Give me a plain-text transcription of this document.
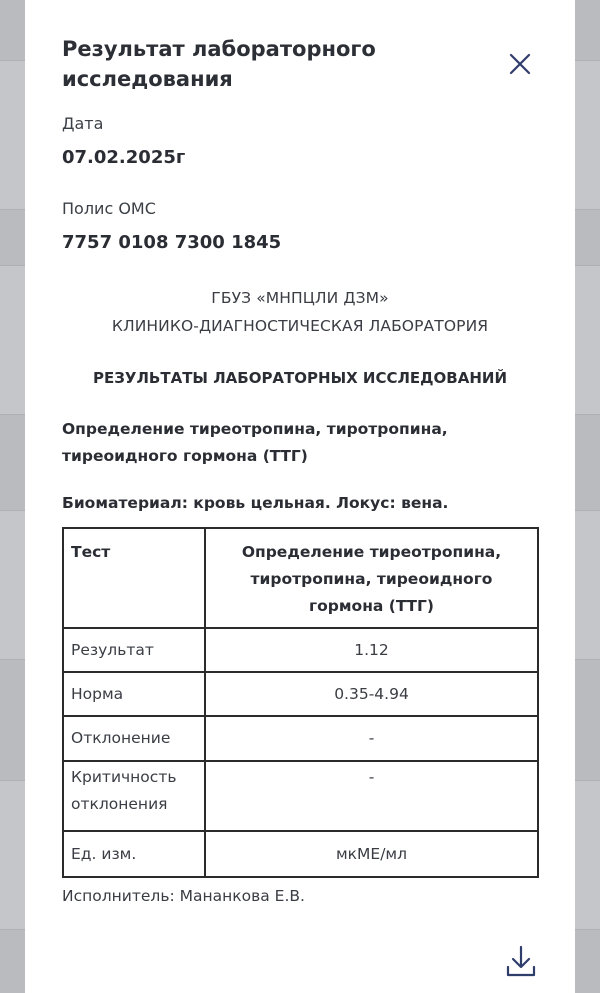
Результат лабораторного исследования
Дата
07.02.2025г
Полис ОМС
7757 0108 7300 1845
ГБУЗ «МНПЦЛИ ДЗМ»
КЛИНИКО-ДИАГНОСТИЧЕСКАЯ ЛАБОРАТОРИЯ
РЕЗУЛЬТАТЫ ЛАБОРАТОРНЫХ ИССЛЕДОВАНИЙ
Определение тиреотропина, тиротропина, тиреоидного гормона (ТТГ)
Биоматериал: кровь цельная. Локус: вена.
Тест	Определение тиреотропина, тиротропина, тиреоидного гормона (ТТГ)
Результат	1.12
Норма	0.35-4.94
Отклонение	-
Критичность отклонения	-
Ед. изм.	мкМЕ/мл
Исполнитель: Мананкова Е.В.
